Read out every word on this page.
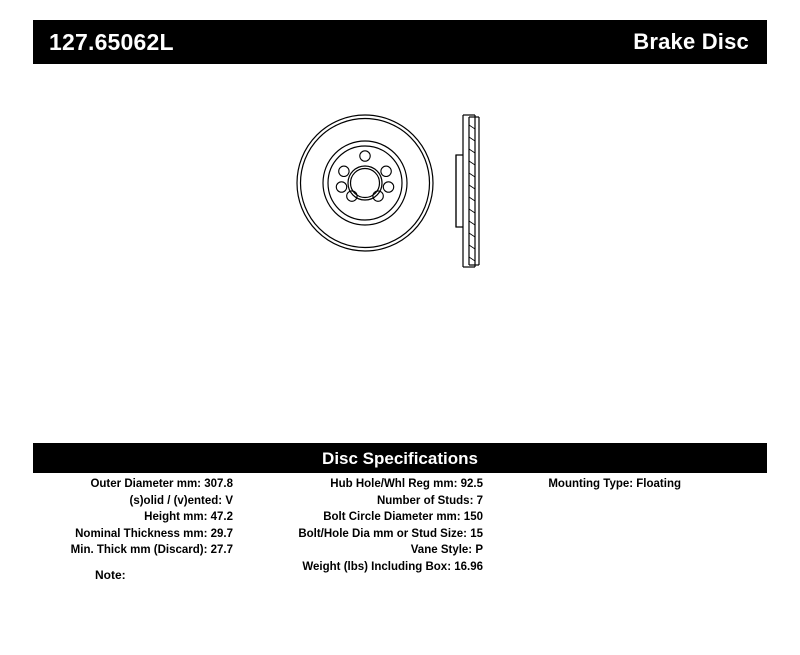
127.65062L	Brake Disc
Disc Specifications
Outer Diameter mm: 307.8
(s)olid / (v)ented: V
Height mm: 47.2
Nominal Thickness mm: 29.7
Min. Thick mm (Discard): 27.7
Hub Hole/Whl Reg mm: 92.5
Number of Studs: 7
Bolt Circle Diameter mm: 150
Bolt/Hole Dia mm or Stud Size: 15
Vane Style: P
Weight (lbs) Including Box: 16.96
Mounting Type: Floating
Note:
